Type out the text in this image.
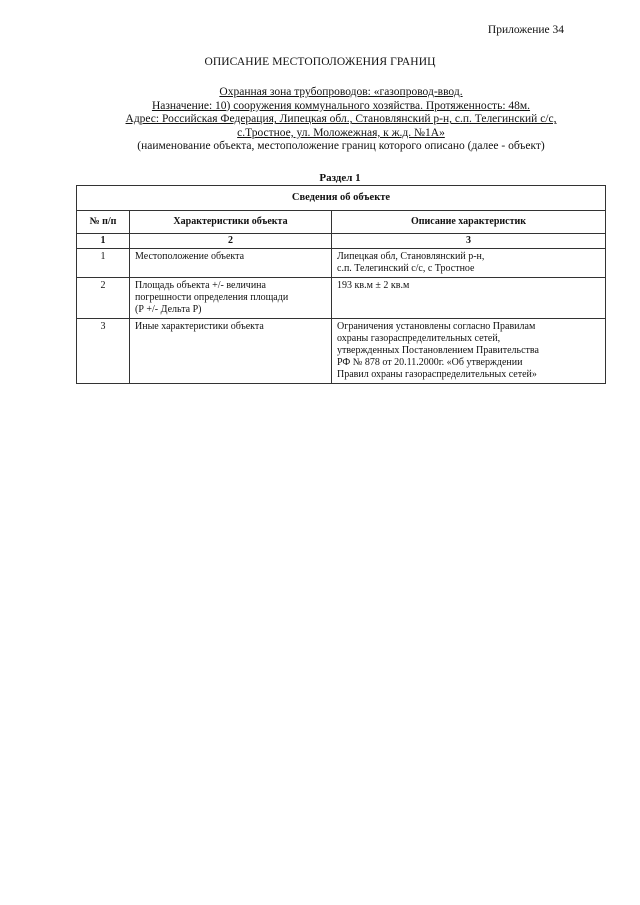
Приложение 34
ОПИСАНИЕ МЕСТОПОЛОЖЕНИЯ ГРАНИЦ
Охранная зона трубопроводов: «газопровод-ввод.
Назначение: 10) сооружения коммунального хозяйства. Протяженность: 48м.
Адрес: Российская Федерация, Липецкая обл., Становлянский р-н, с.п. Телегинский с/с,
с.Тростное, ул. Моложежная, к ж.д. №1А»
(наименование объекта, местоположение границ которого описано (далее - объект)
Раздел 1
Сведения об объекте		
№ п/п	Характеристики объекта	Описание характеристик
1	2	3
1	Местоположение объекта	Липецкая обл, Становлянский р-н,
с.п. Телегинский с/с, с Тростное

2	Площадь объекта +/- величина
погрешности определения площади
(Р +/- Дельта Р)	193 кв.м ± 2 кв.м

3	Иные характеристики объекта	Ограничения установлены согласно Правилам
охраны газораспределительных сетей,
утвержденных Постановлением Правительства
РФ № 878 от 20.11.2000г. «Об утверждении
Правил охраны газораспределительных сетей»
